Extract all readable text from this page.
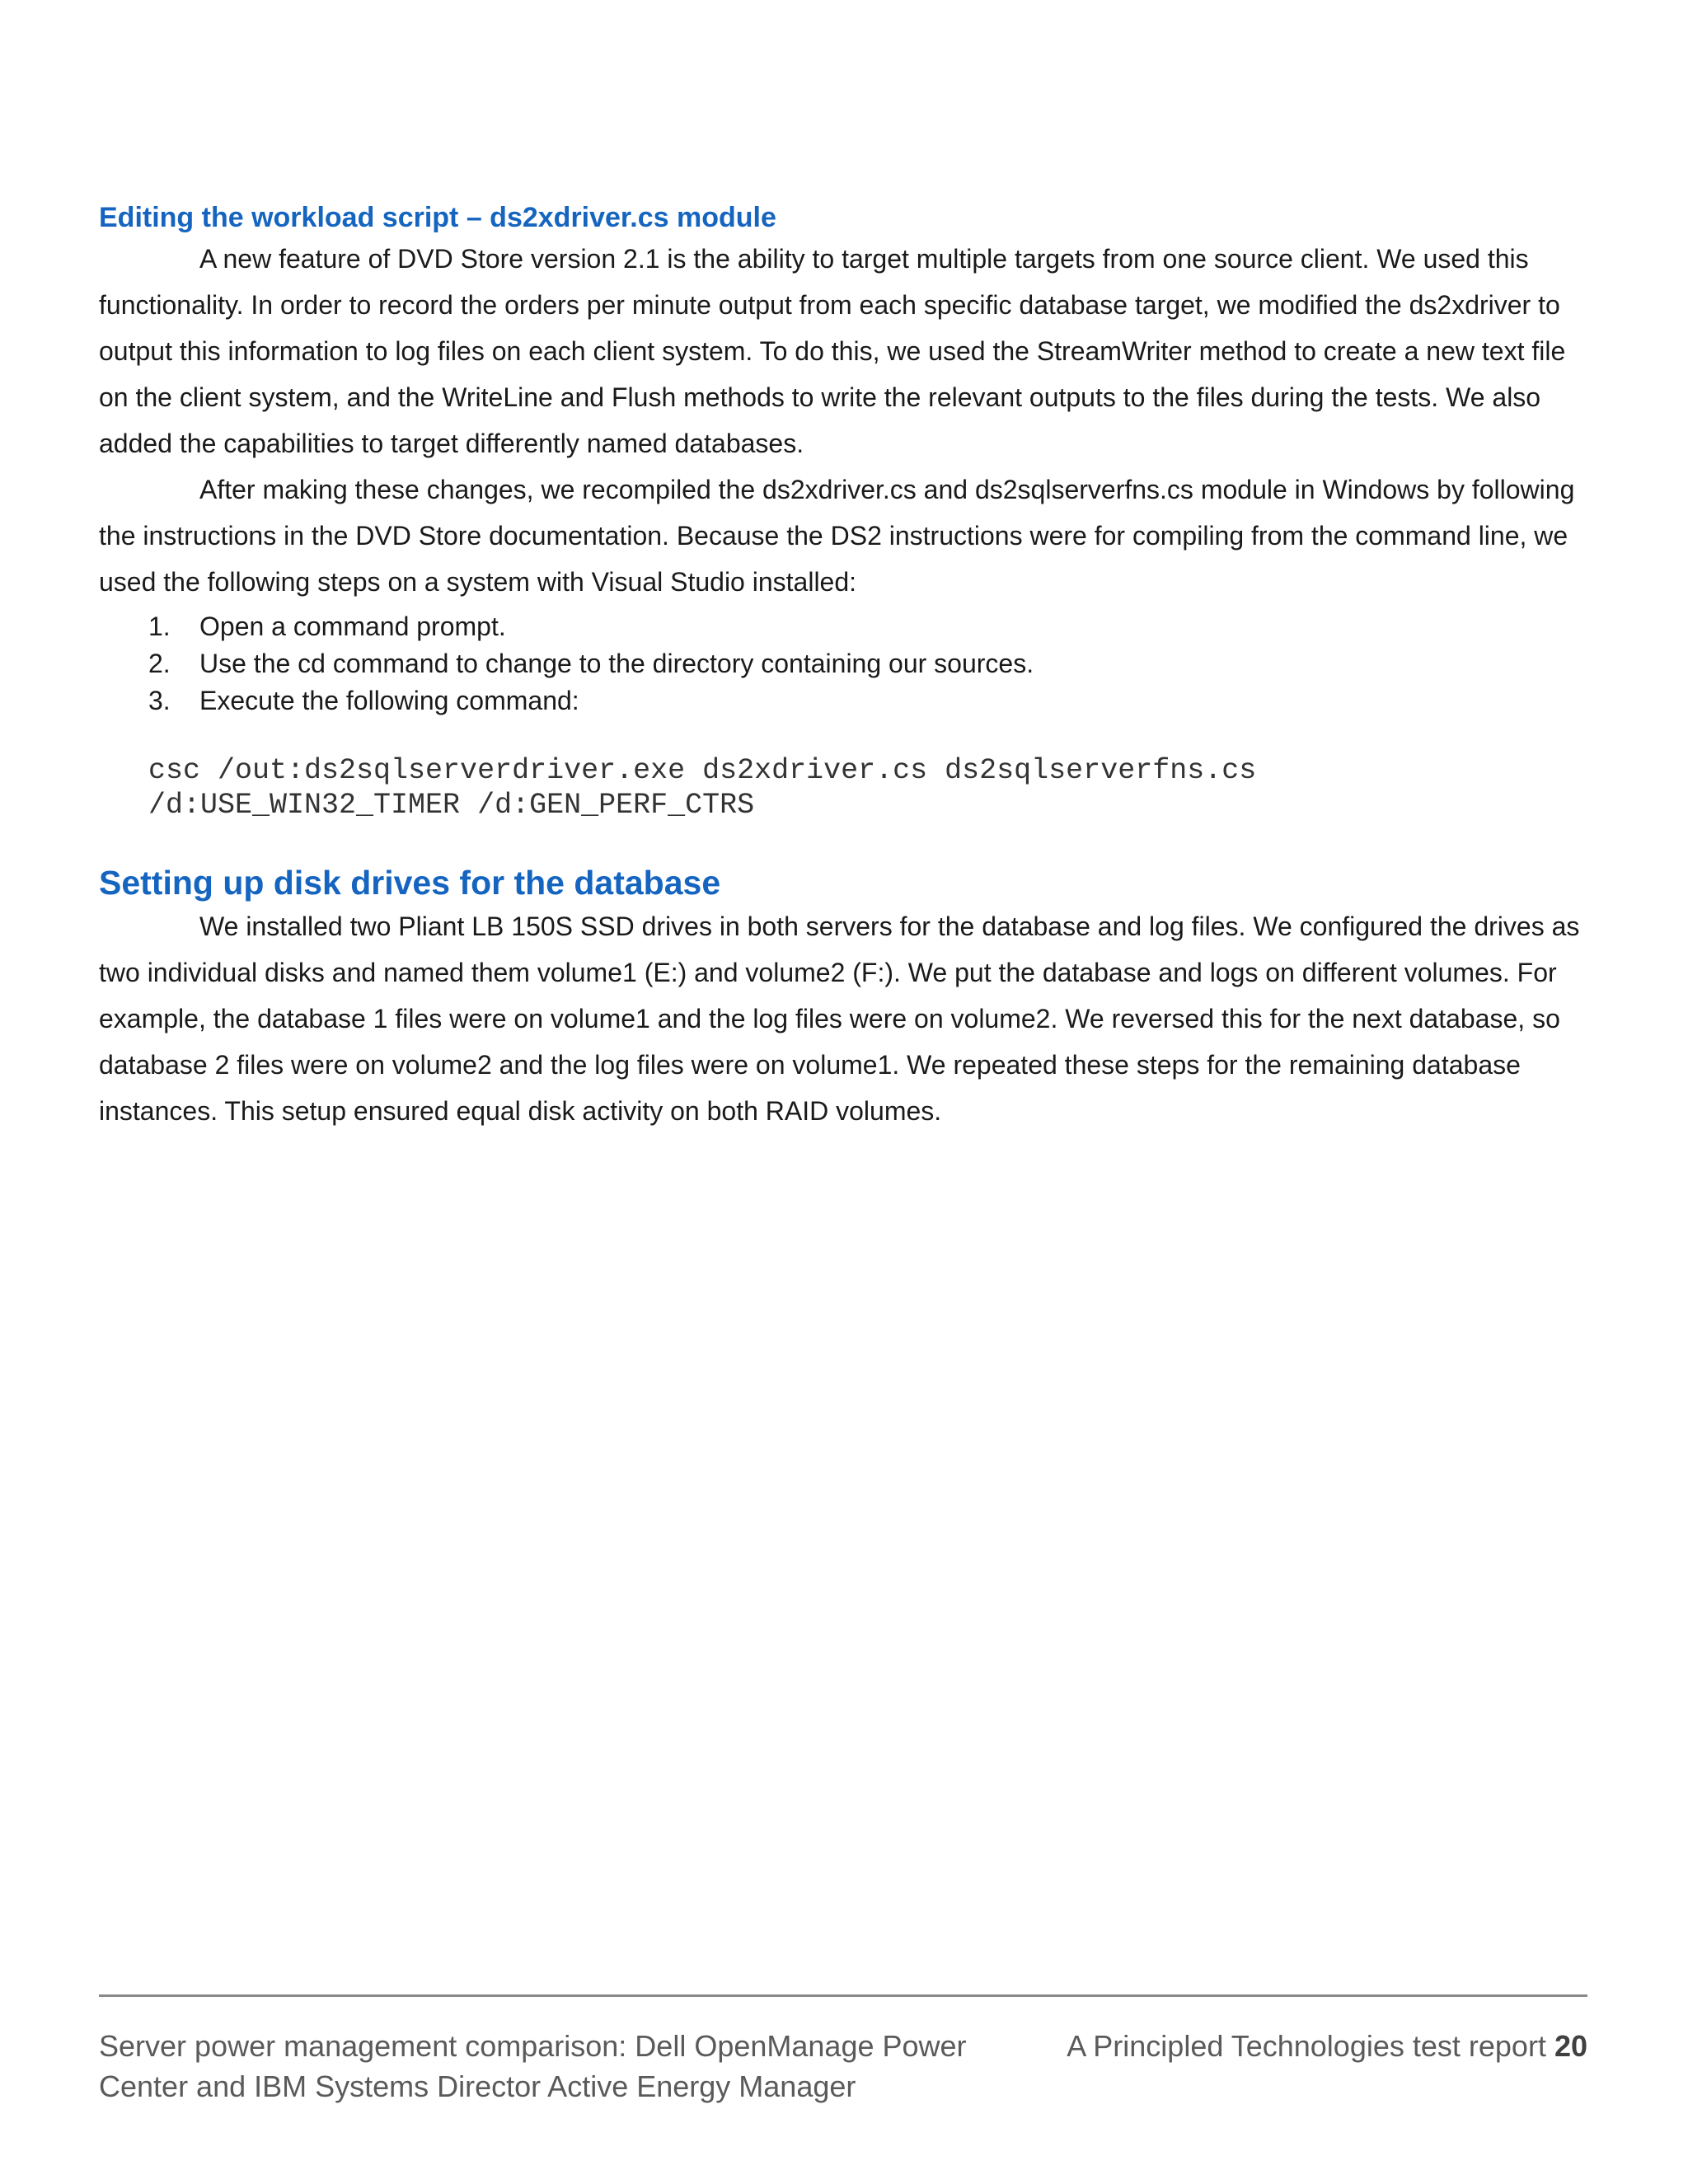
Editing the workload script – ds2xdriver.cs module

A new feature of DVD Store version 2.1 is the ability to target multiple targets from one source client. We used this functionality. In order to record the orders per minute output from each specific database target, we modified the ds2xdriver to output this information to log files on each client system. To do this, we used the StreamWriter method to create a new text file on the client system, and the WriteLine and Flush methods to write the relevant outputs to the files during the tests. We also added the capabilities to target differently named databases.

After making these changes, we recompiled the ds2xdriver.cs and ds2sqlserverfns.cs module in Windows by following the instructions in the DVD Store documentation. Because the DS2 instructions were for compiling from the command line, we used the following steps on a system with Visual Studio installed:

1.	Open a command prompt.
2.	Use the cd command to change to the directory containing our sources.
3.	Execute the following command:
csc /out:ds2sqlserverdriver.exe ds2xdriver.cs ds2sqlserverfns.cs
/d:USE_WIN32_TIMER /d:GEN_PERF_CTRS
Setting up disk drives for the database

We installed two Pliant LB 150S SSD drives in both servers for the database and log files. We configured the drives as two individual disks and named them volume1 (E:) and volume2 (F:). We put the database and logs on different volumes. For example, the database 1 files were on volume1 and the log files were on volume2. We reversed this for the next database, so database 2 files were on volume2 and the log files were on volume1. We repeated these steps for the remaining database instances. This setup ensured equal disk activity on both RAID volumes.

Server power management comparison: Dell OpenManage Power Center and IBM Systems Director Active Energy Manager
A Principled Technologies test report 20
